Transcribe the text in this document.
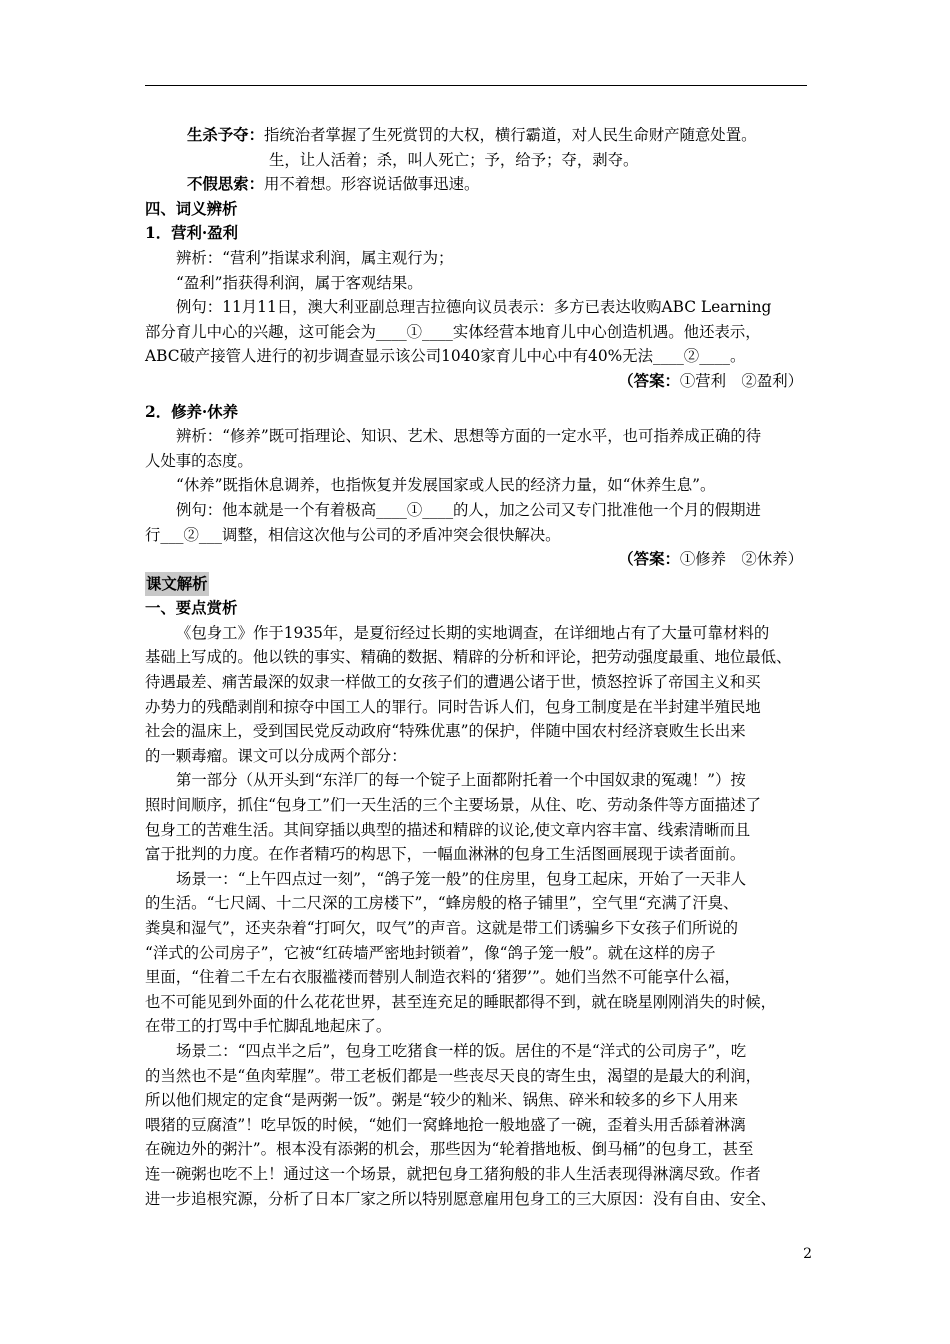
生杀予夺： 指统治者掌握了生死赏罚的大权，横行霸道，对人民生命财产随意处置。

生，让人活着；杀，叫人死亡；予，给予；夺，剥夺。

不假思索： 用不着想。形容说话做事迅速。

四、词义辨析

1．营利·盈利

辨析：“营利”指谋求利润，属主观行为；

“盈利”指获得利润，属于客观结果。

例句：11月11日，澳大利亚副总理吉拉德向议员表示：多方已表达收购ABC Learning

部分育儿中心的兴趣，这可能会为____①____实体经营本地育儿中心创造机遇。他还表示，

ABC破产接管人进行的初步调查显示该公司1040家育儿中心中有40%无法____②____。

（答案：①营利　②盈利）

2．修养·休养

辨析：“修养”既可指理论、知识、艺术、思想等方面的一定水平，也可指养成正确的待

人处事的态度。

“休养”既指休息调养，也指恢复并发展国家或人民的经济力量，如“休养生息”。

例句：他本就是一个有着极高____①____的人，加之公司又专门批准他一个月的假期进

行___②___调整，相信这次他与公司的矛盾冲突会很快解决。

（答案：①修养　②休养）

课文解析

一、要点赏析

《包身工》作于1935年，是夏衍经过长期的实地调查，在详细地占有了大量可靠材料的

基础上写成的。他以铁的事实、精确的数据、精辟的分析和评论，把劳动强度最重、地位最低、

待遇最差、痛苦最深的奴隶一样做工的女孩子们的遭遇公诸于世，愤怒控诉了帝国主义和买

办势力的残酷剥削和掠夺中国工人的罪行。同时告诉人们，包身工制度是在半封建半殖民地

社会的温床上，受到国民党反动政府“特殊优惠”的保护，伴随中国农村经济衰败生长出来

的一颗毒瘤。课文可以分成两个部分：

第一部分（从开头到“东洋厂的每一个锭子上面都附托着一个中国奴隶的冤魂！”）按

照时间顺序，抓住“包身工”们一天生活的三个主要场景，从住、吃、劳动条件等方面描述了

包身工的苦难生活。其间穿插以典型的描述和精辟的议论,使文章内容丰富、线索清晰而且

富于批判的力度。在作者精巧的构思下，一幅血淋淋的包身工生活图画展现于读者面前。

场景一：“上午四点过一刻”，“鸽子笼一般”的住房里，包身工起床，开始了一天非人

的生活。“七尺阔、十二尺深的工房楼下”，“蜂房般的格子铺里”，空气里“充满了汗臭、

粪臭和湿气”，还夹杂着“打呵欠，叹气”的声音。这就是带工们诱骗乡下女孩子们所说的

“洋式的公司房子”，它被“红砖墙严密地封锁着”，像“鸽子笼一般”。就在这样的房子

里面，“住着二千左右衣服褴褛而替别人制造衣料的‘猪猡’”。她们当然不可能享什么福，

也不可能见到外面的什么花花世界，甚至连充足的睡眠都得不到，就在晓星刚刚消失的时候，

在带工的打骂中手忙脚乱地起床了。

场景二：“四点半之后”，包身工吃猪食一样的饭。居住的不是“洋式的公司房子”，吃

的当然也不是“鱼肉荤腥”。带工老板们都是一些丧尽天良的寄生虫，渴望的是最大的利润，

所以他们规定的定食“是两粥一饭”。粥是“较少的籼米、锅焦、碎米和较多的乡下人用来

喂猪的豆腐渣”！吃早饭的时候，“她们一窝蜂地抢一般地盛了一碗，歪着头用舌舔着淋漓

在碗边外的粥汁”。根本没有添粥的机会，那些因为“轮着揩地板、倒马桶”的包身工，甚至

连一碗粥也吃不上！通过这一个场景，就把包身工猪狗般的非人生活表现得淋漓尽致。作者

进一步追根究源，分析了日本厂家之所以特别愿意雇用包身工的三大原因：没有自由、安全、

2
